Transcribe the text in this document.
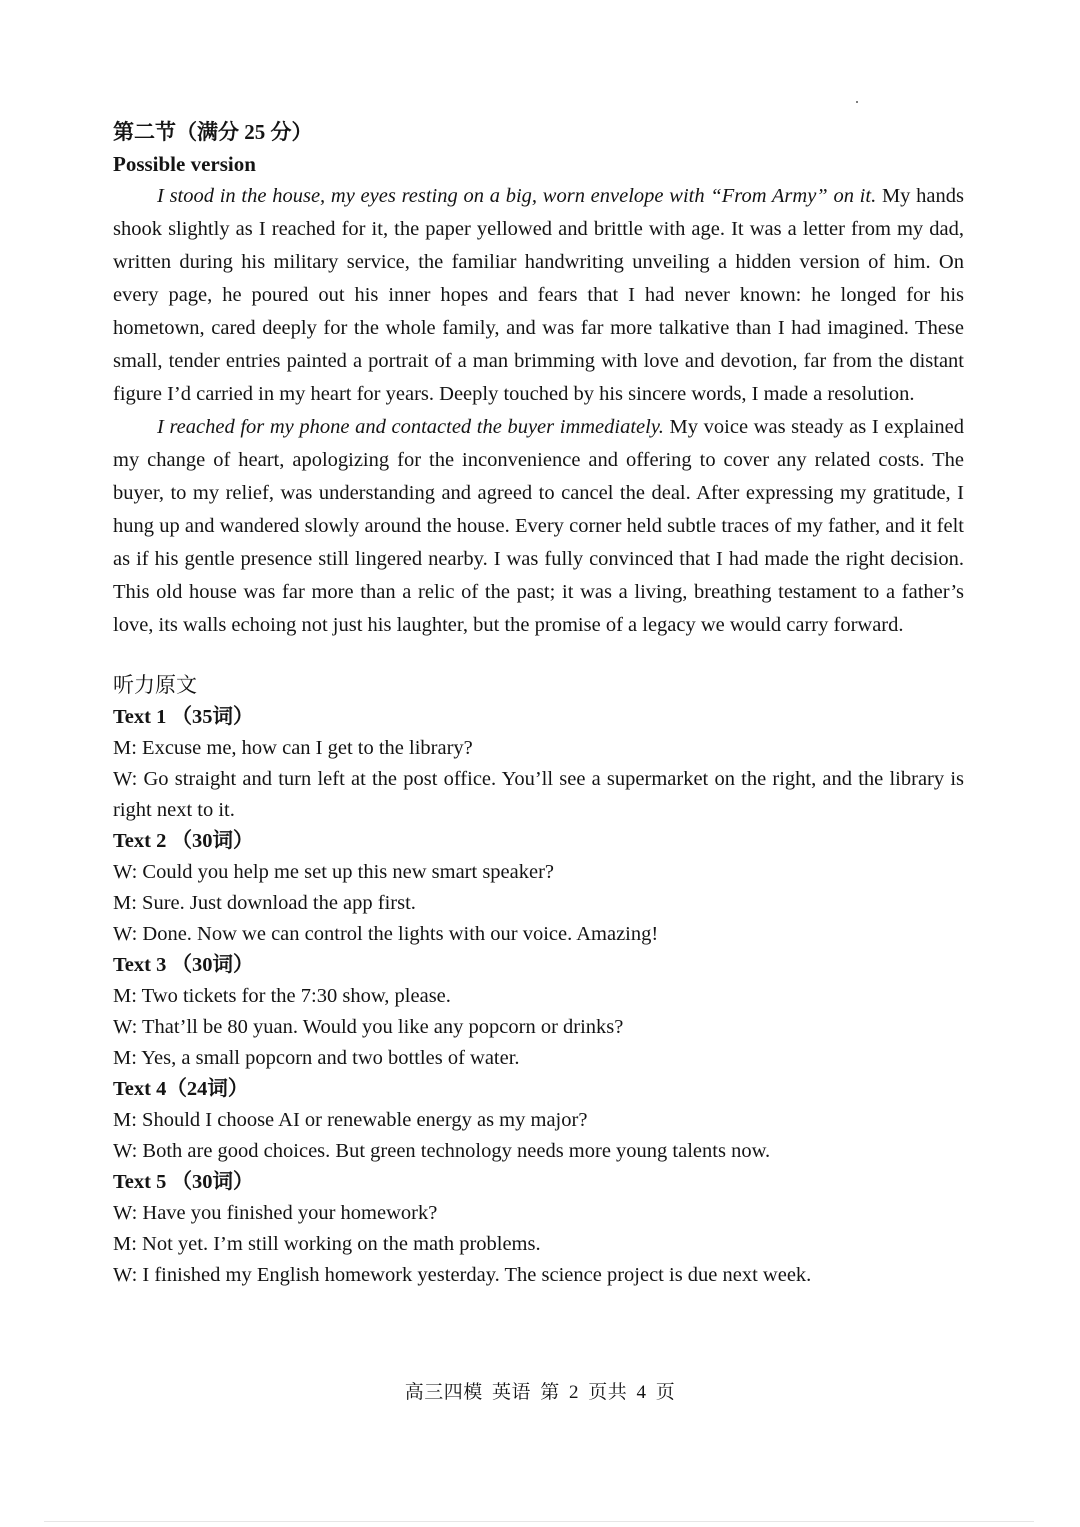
第二节（满分 25 分）
Possible version

I stood in the house, my eyes resting on a big, worn envelope with “From Army” on it. My hands shook slightly as I reached for it, the paper yellowed and brittle with age. It was a letter from my dad, written during his military service, the familiar handwriting unveiling a hidden version of him. On every page, he poured out his inner hopes and fears that I had never known: he longed for his hometown, cared deeply for the whole family, and was far more talkative than I had imagined. These small, tender entries painted a portrait of a man brimming with love and devotion, far from the distant figure I’d carried in my heart for years. Deeply touched by his sincere words, I made a resolution.

I reached for my phone and contacted the buyer immediately. My voice was steady as I explained my change of heart, apologizing for the inconvenience and offering to cover any related costs. The buyer, to my relief, was understanding and agreed to cancel the deal. After expressing my gratitude, I hung up and wandered slowly around the house. Every corner held subtle traces of my father, and it felt as if his gentle presence still lingered nearby. I was fully convinced that I had made the right decision. This old house was far more than a relic of the past; it was a living, breathing testament to a father’s love, its walls echoing not just his laughter, but the promise of a legacy we would carry forward.

听力原文
Text 1 （35词）
M: Excuse me, how can I get to the library?
W: Go straight and turn left at the post office. You’ll see a supermarket on the right, and the library is right next to it.
Text 2 （30词）
W: Could you help me set up this new smart speaker?
M: Sure. Just download the app first.
W: Done. Now we can control the lights with our voice. Amazing!
Text 3 （30词）
M: Two tickets for the 7:30 show, please.
W: That’ll be 80 yuan. Would you like any popcorn or drinks?
M: Yes, a small popcorn and two bottles of water.
Text 4（24词）
M: Should I choose AI or renewable energy as my major?
W: Both are good choices. But green technology needs more young talents now.
Text 5 （30词）
W: Have you finished your homework?
M: Not yet. I’m still working on the math problems.
W: I finished my English homework yesterday. The science project is due next week.
高三四模 英语 第 2 页共 4 页
